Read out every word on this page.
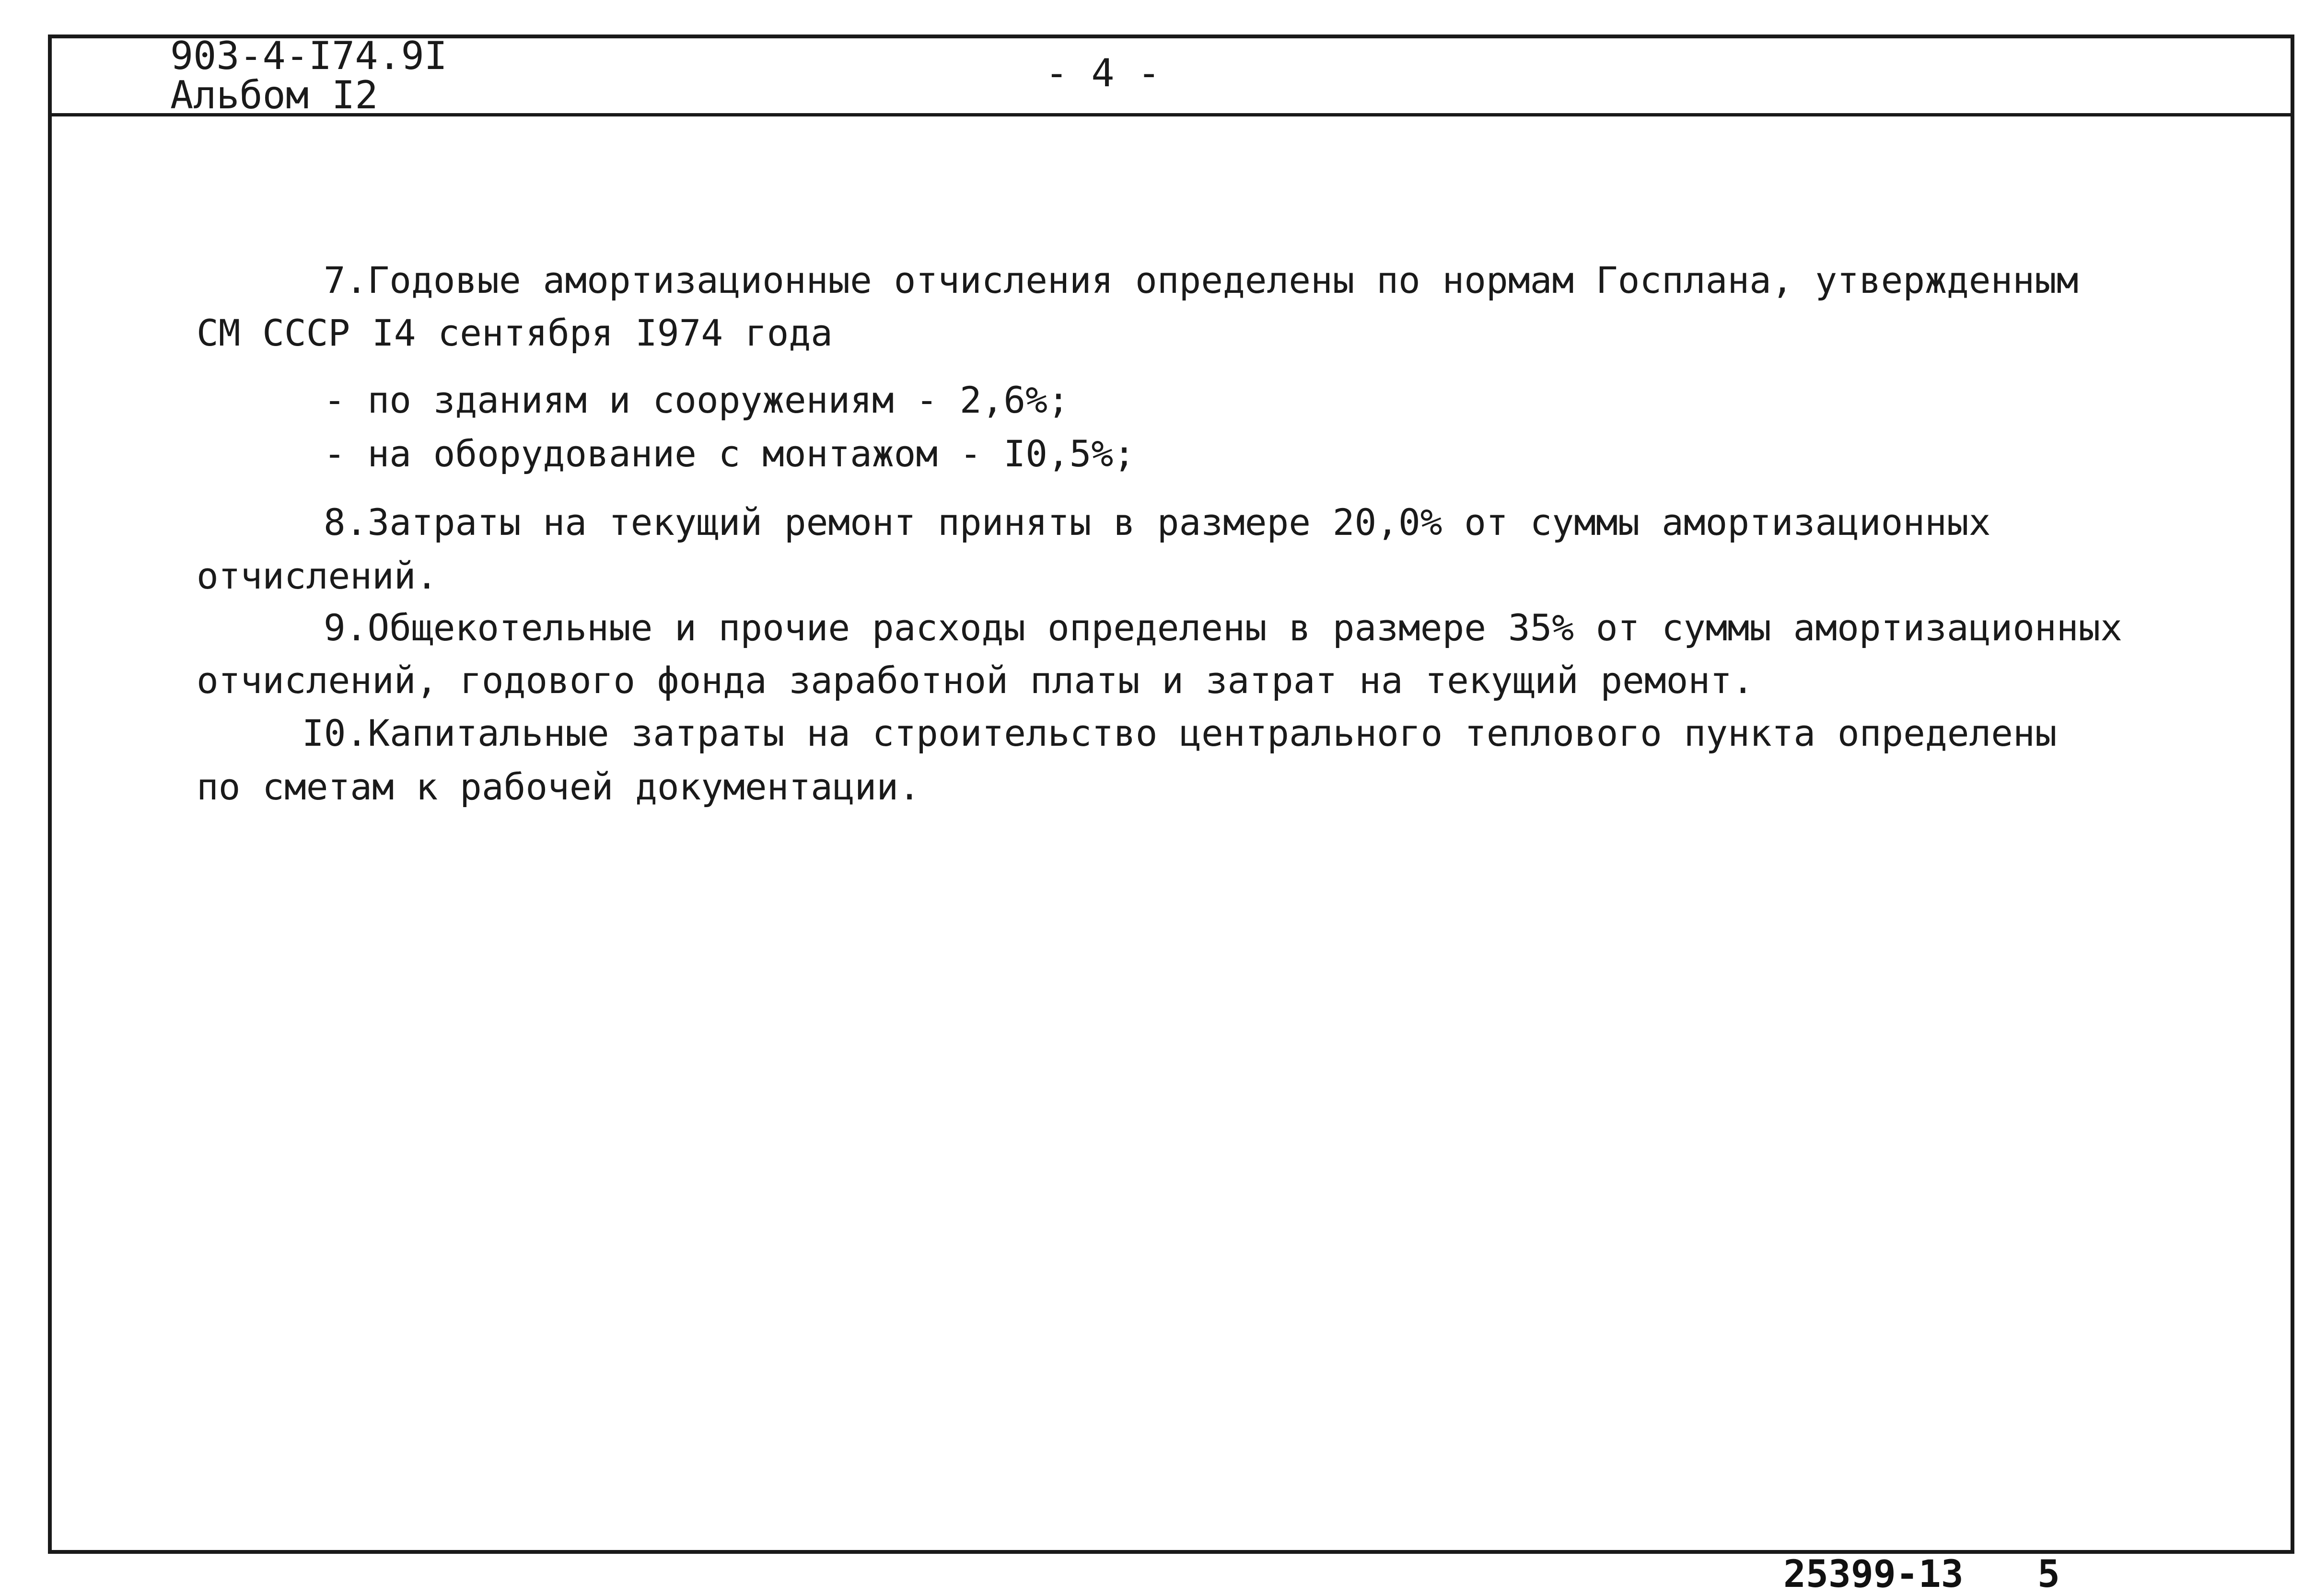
903-4-I74.9I
Альбом I2	- 4 -
7.Годовые амортизационные отчисления определены по нормам Госплана, утвержденным
СМ СССР I4 сентября I974 года
- по зданиям и сооружениям - 2,6%;
- на оборудование с монтажом - I0,5%;
8.Затраты на текущий ремонт приняты в размере 20,0% от суммы амортизационных
отчислений.
9.Общекотельные и прочие расходы определены в размере 35% от суммы амортизационных
отчислений, годового фонда заработной платы и затрат на текущий ремонт.
I0.Капитальные затраты на строительство центрального теплового пункта определены
по сметам к рабочей документации.
25399-13 5
